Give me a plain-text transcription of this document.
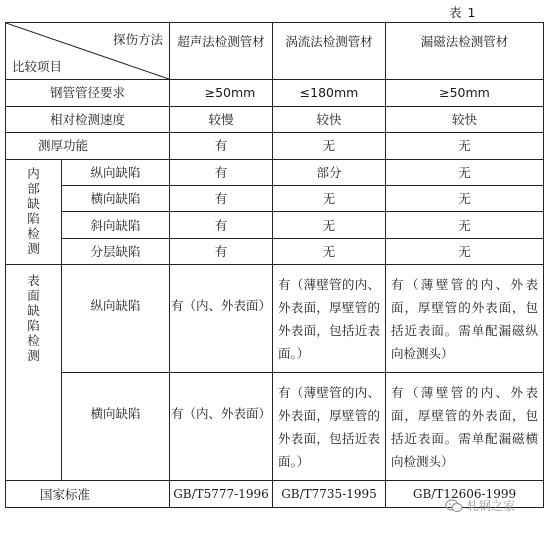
表 1
探伤方法
比较项目		超声法检测管材	涡流法检测管材	漏磁法检测管材
钢管管径要求		≥50mm	≤180mm	≥50mm
相对检测速度		较慢	较快	较快
测厚功能		有	无	无
内部缺陷检测	纵向缺陷	有	部分	无
	横向缺陷	有	无	无
	斜向缺陷	有	无	无
	分层缺陷	有	无	无
表面缺陷检测	纵向缺陷	有（内、外表面）	有（薄壁管的内、外表面，厚壁管的外表面，包括近表面。）	有（薄壁管的内、外表面，厚壁管的外表面，包括近表面。需单配漏磁纵向检测头）
	横向缺陷	有（内、外表面）	有（薄壁管的内、外表面，厚壁管的外表面，包括近表面。）	有（薄壁管的内、外表面，厚壁管的外表面，包括近表面。需单配漏磁横向检测头）
国家标准		GB/T5777-1996	GB/T7735-1995	GB/T12606-1999
轧钢之家
